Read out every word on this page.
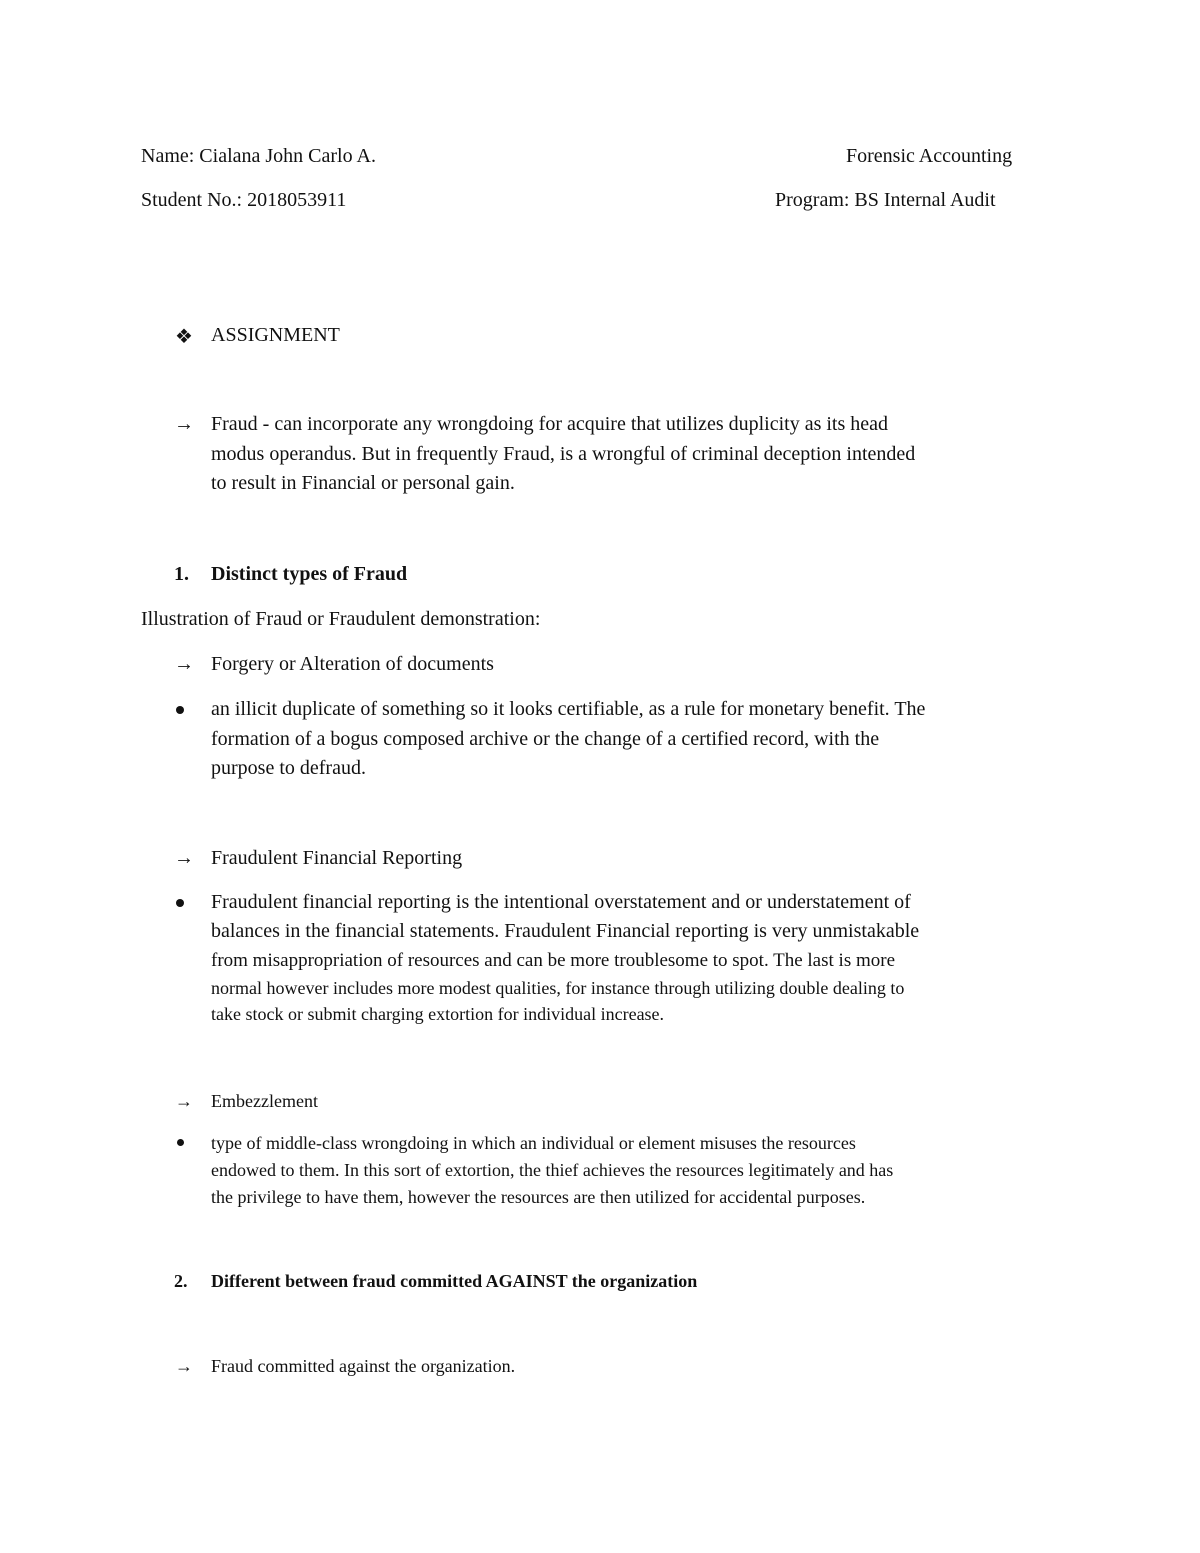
Name: Cialana John Carlo A.	Forensic Accounting
Student No.: 2018053911	Program: BS Internal Audit
❖ ASSIGNMENT
→ Fraud - can incorporate any wrongdoing for acquire that utilizes duplicity as its head
modus operandus. But in frequently Fraud, is a wrongful of criminal deception intended
to result in Financial or personal gain.
1. Distinct types of Fraud
Illustration of Fraud or Fraudulent demonstration:
→ Forgery or Alteration of documents
an illicit duplicate of something so it looks certifiable, as a rule for monetary benefit. The
formation of a bogus composed archive or the change of a certified record, with the
purpose to defraud.
→ Fraudulent Financial Reporting
Fraudulent financial reporting is the intentional overstatement and or understatement of
balances in the financial statements. Fraudulent Financial reporting is very unmistakable
from misappropriation of resources and can be more troublesome to spot. The last is more
normal however includes more modest qualities, for instance through utilizing double dealing to
take stock or submit charging extortion for individual increase.
→ Embezzlement
type of middle-class wrongdoing in which an individual or element misuses the resources
endowed to them. In this sort of extortion, the thief achieves the resources legitimately and has
the privilege to have them, however the resources are then utilized for accidental purposes.
2. Different between fraud committed AGAINST the organization
→ Fraud committed against the organization.
